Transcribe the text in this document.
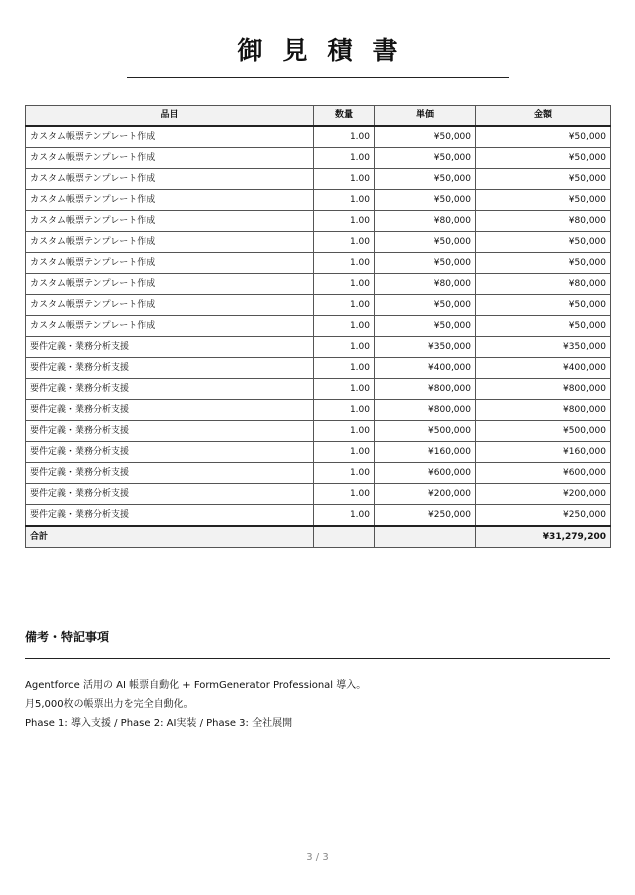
御見積書
品目	数量	単価	金額
カスタム帳票テンプレート作成	1.00	¥50,000	¥50,000
カスタム帳票テンプレート作成	1.00	¥50,000	¥50,000
カスタム帳票テンプレート作成	1.00	¥50,000	¥50,000
カスタム帳票テンプレート作成	1.00	¥50,000	¥50,000
カスタム帳票テンプレート作成	1.00	¥80,000	¥80,000
カスタム帳票テンプレート作成	1.00	¥50,000	¥50,000
カスタム帳票テンプレート作成	1.00	¥50,000	¥50,000
カスタム帳票テンプレート作成	1.00	¥80,000	¥80,000
カスタム帳票テンプレート作成	1.00	¥50,000	¥50,000
カスタム帳票テンプレート作成	1.00	¥50,000	¥50,000
要件定義・業務分析支援	1.00	¥350,000	¥350,000
要件定義・業務分析支援	1.00	¥400,000	¥400,000
要件定義・業務分析支援	1.00	¥800,000	¥800,000
要件定義・業務分析支援	1.00	¥800,000	¥800,000
要件定義・業務分析支援	1.00	¥500,000	¥500,000
要件定義・業務分析支援	1.00	¥160,000	¥160,000
要件定義・業務分析支援	1.00	¥600,000	¥600,000
要件定義・業務分析支援	1.00	¥200,000	¥200,000
要件定義・業務分析支援	1.00	¥250,000	¥250,000
合計			¥31,279,200
備考・特記事項
Agentforce 活用の AI 帳票自動化 + FormGenerator Professional 導入。
月5,000枚の帳票出力を完全自動化。
Phase 1: 導入支援 / Phase 2: AI実装 / Phase 3: 全社展開
3 / 3
